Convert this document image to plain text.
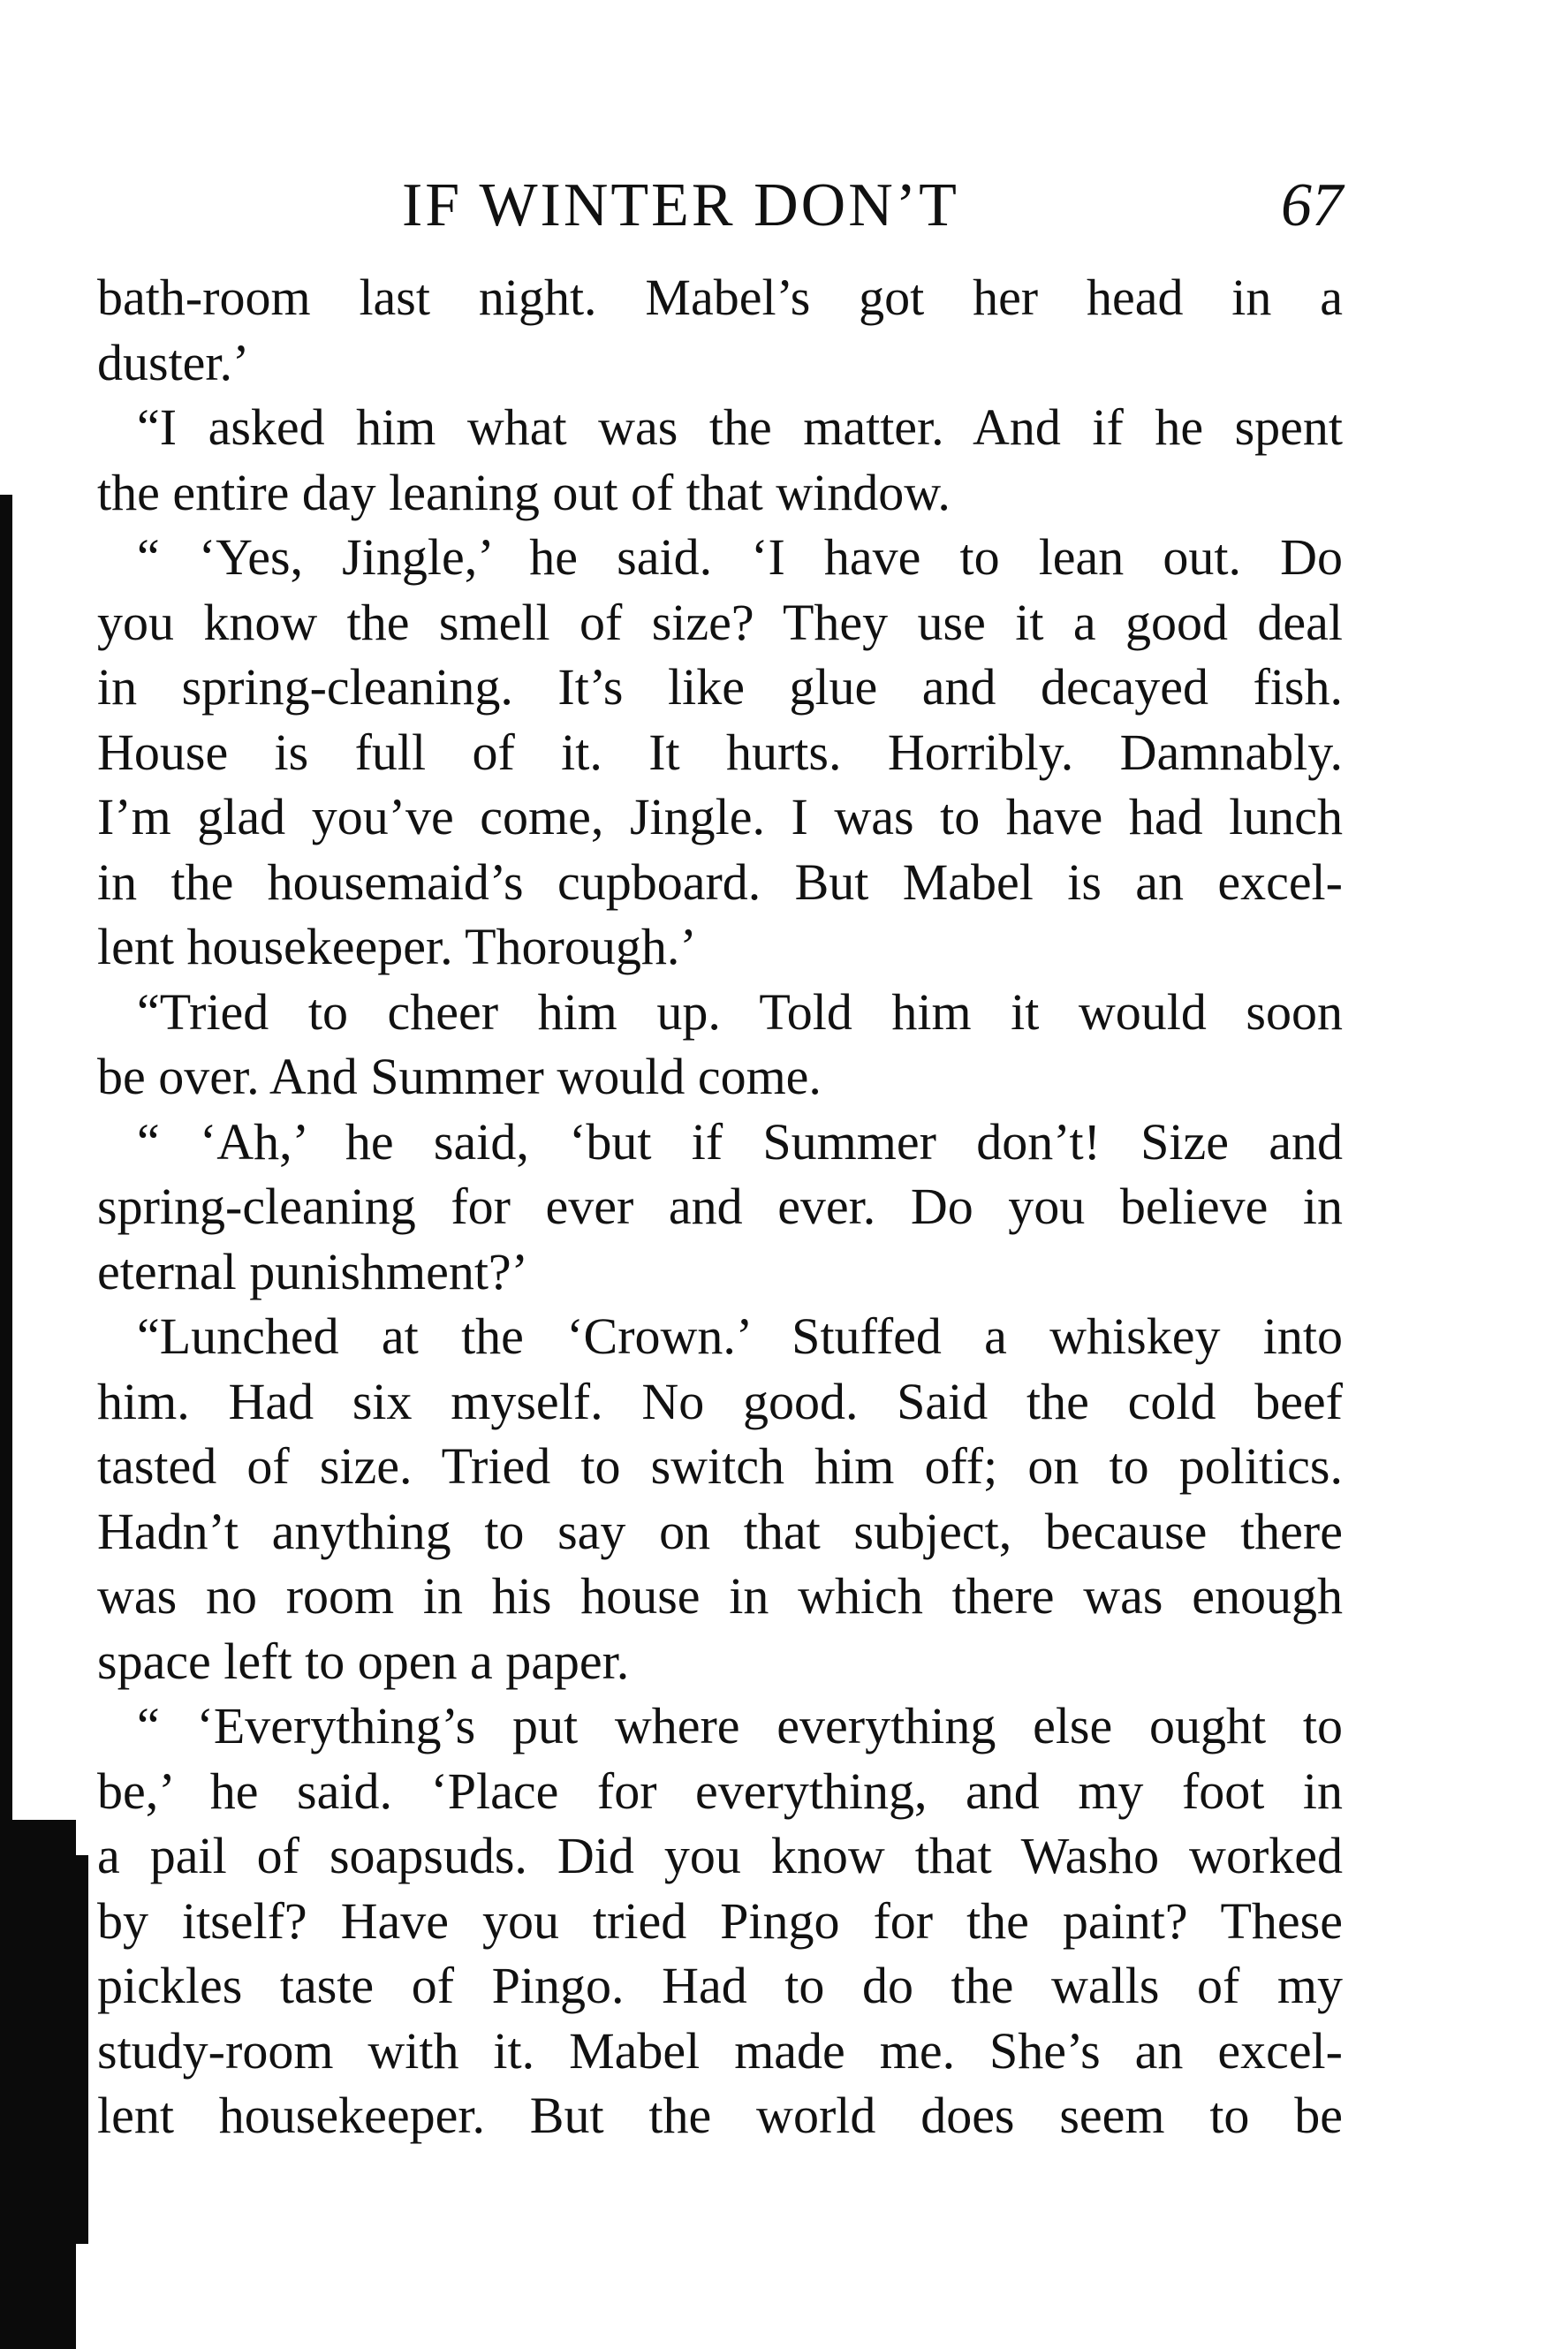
IF WINTER DON’T	67
bath-room last night. Mabel’s got her head in a
duster.’
“I asked him what was the matter. And if he spent
the entire day leaning out of that window.
“ ‘Yes, Jingle,’ he said. ‘I have to lean out. Do
you know the smell of size? They use it a good deal
in spring-cleaning. It’s like glue and decayed fish.
House is full of it. It hurts. Horribly. Damnably.
I’m glad you’ve come, Jingle. I was to have had lunch
in the housemaid’s cupboard. But Mabel is an excel-
lent housekeeper. Thorough.’
“Tried to cheer him up. Told him it would soon
be over. And Summer would come.
“ ‘Ah,’ he said, ‘but if Summer don’t! Size and
spring-cleaning for ever and ever. Do you believe in
eternal punishment?’
“Lunched at the ‘Crown.’ Stuffed a whiskey into
him. Had six myself. No good. Said the cold beef
tasted of size. Tried to switch him off; on to politics.
Hadn’t anything to say on that subject, because there
was no room in his house in which there was enough
space left to open a paper.
“ ‘Everything’s put where everything else ought to
be,’ he said. ‘Place for everything, and my foot in
a pail of soapsuds. Did you know that Washo worked
by itself? Have you tried Pingo for the paint? These
pickles taste of Pingo. Had to do the walls of my
study-room with it. Mabel made me. She’s an excel-
lent housekeeper. But the world does seem to be
